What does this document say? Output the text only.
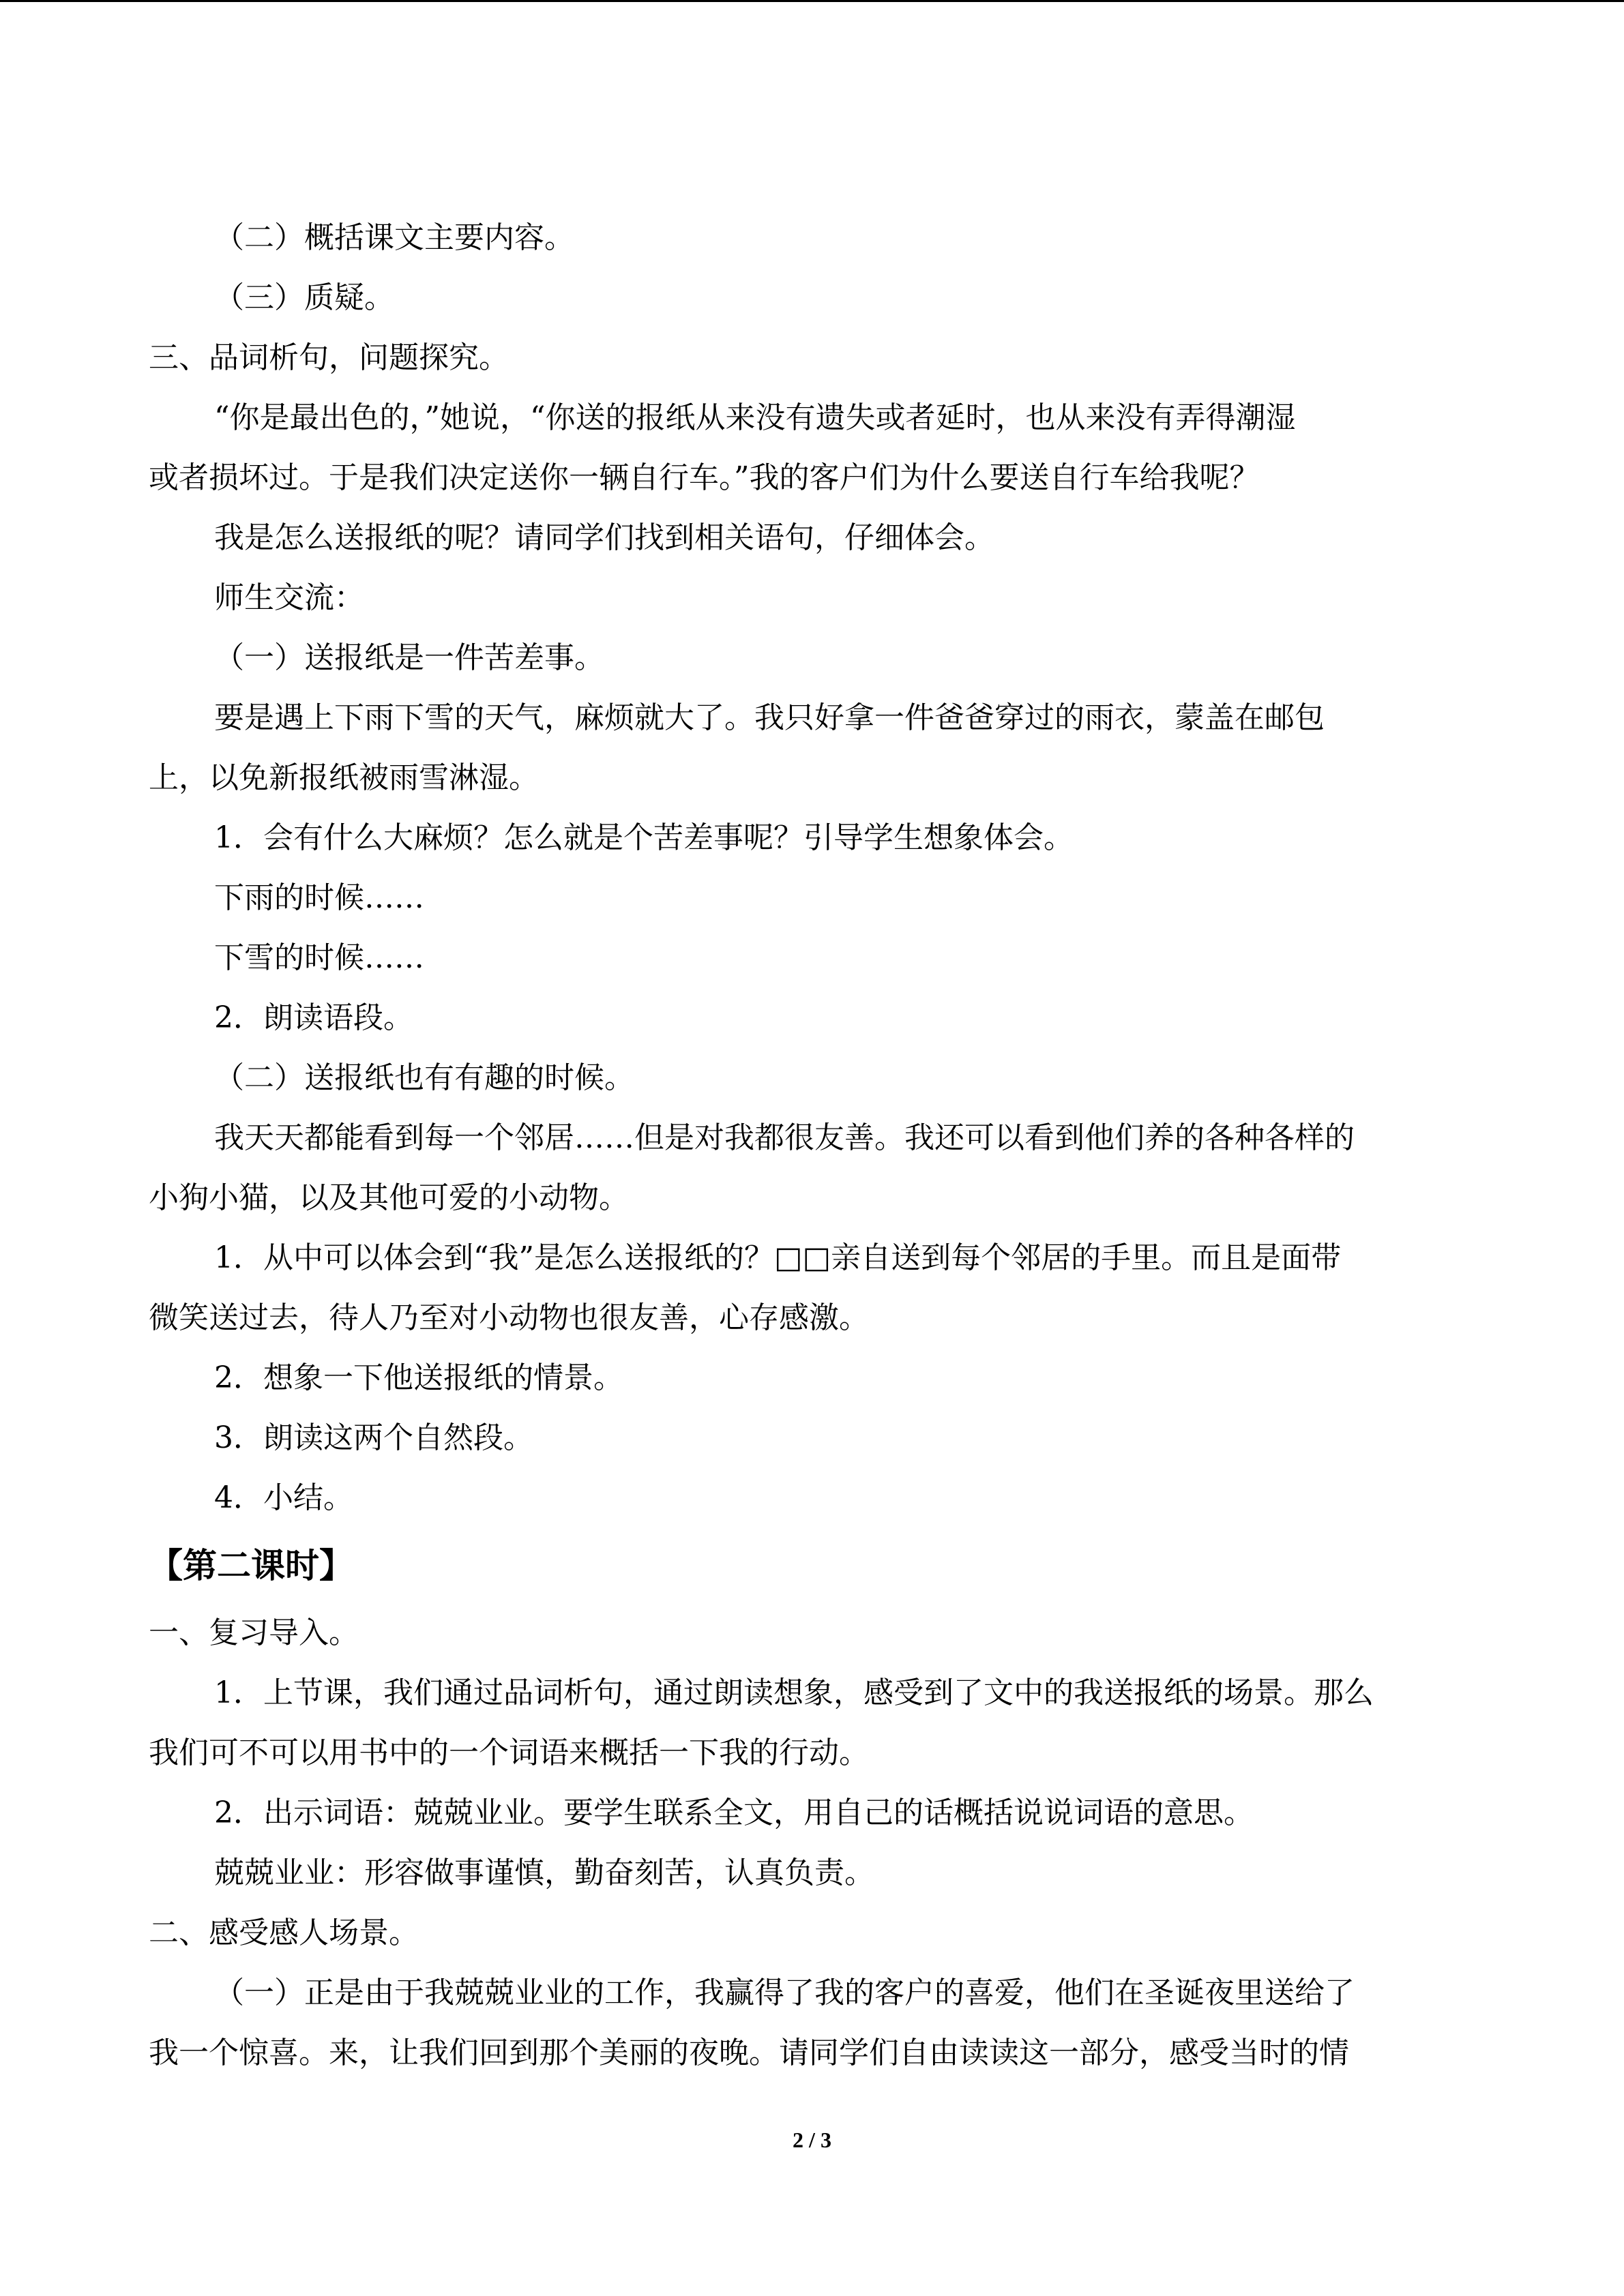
（二）概括课文主要内容。

（三）质疑。

三、品词析句，问题探究。

“你是最出色的，”她说，“你送的报纸从来没有遗失或者延时，也从来没有弄得潮湿

或者损坏过。于是我们决定送你一辆自行车。”我的客户们为什么要送自行车给我呢？

我是怎么送报纸的呢？请同学们找到相关语句，仔细体会。

师生交流：

（一）送报纸是一件苦差事。

要是遇上下雨下雪的天气，麻烦就大了。我只好拿一件爸爸穿过的雨衣，蒙盖在邮包

上，以免新报纸被雨雪淋湿。

1．会有什么大麻烦？怎么就是个苦差事呢？引导学生想象体会。

下雨的时候……

下雪的时候……

2．朗读语段。

（二）送报纸也有有趣的时候。

我天天都能看到每一个邻居……但是对我都很友善。我还可以看到他们养的各种各样的

小狗小猫，以及其他可爱的小动物。

1．从中可以体会到“我”是怎么送报纸的？□□亲自送到每个邻居的手里。而且是面带

微笑送过去，待人乃至对小动物也很友善，心存感激。

2．想象一下他送报纸的情景。

3．朗读这两个自然段。

4．小结。

【第二课时】

一、复习导入。

1．上节课，我们通过品词析句，通过朗读想象，感受到了文中的我送报纸的场景。那么

我们可不可以用书中的一个词语来概括一下我的行动。

2．出示词语：兢兢业业。要学生联系全文，用自己的话概括说说词语的意思。

兢兢业业：形容做事谨慎，勤奋刻苦，认真负责。

二、感受感人场景。

（一）正是由于我兢兢业业的工作，我赢得了我的客户的喜爱，他们在圣诞夜里送给了

我一个惊喜。来，让我们回到那个美丽的夜晚。请同学们自由读读这一部分，感受当时的情

2 / 3
